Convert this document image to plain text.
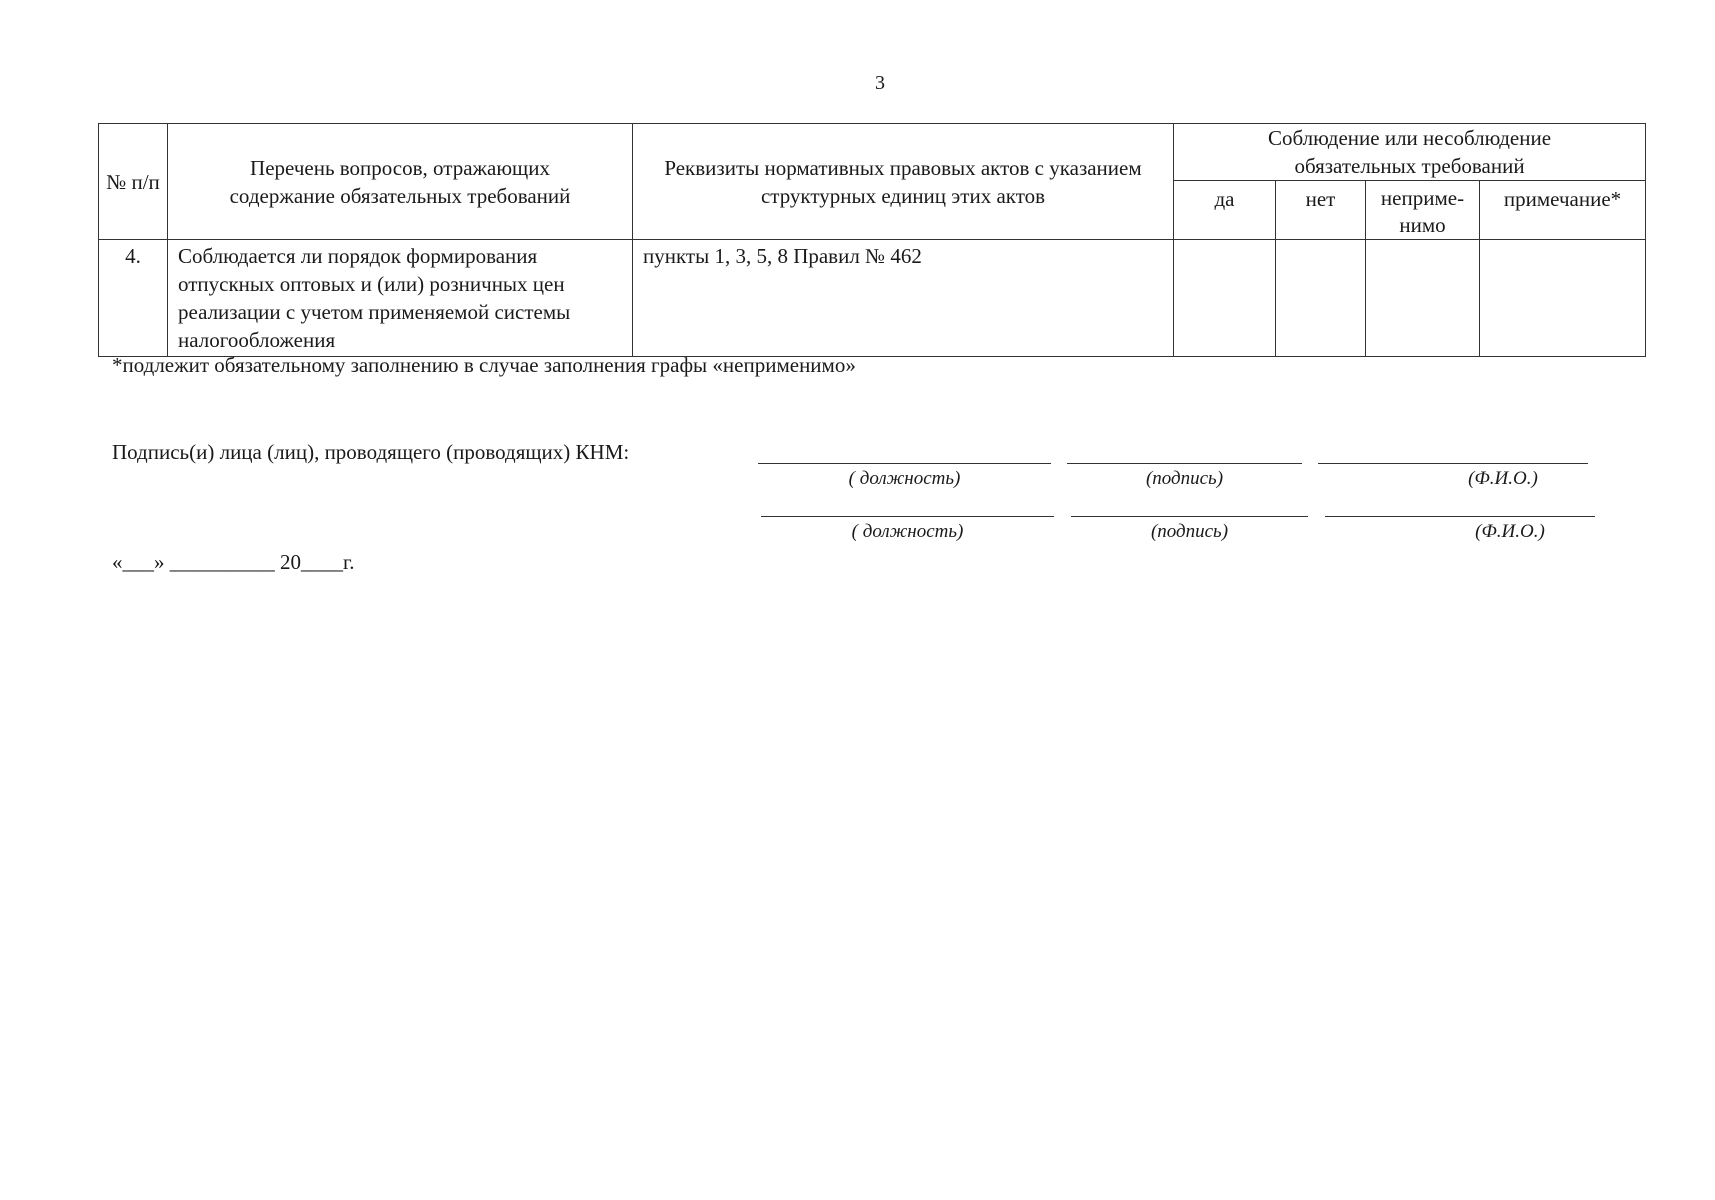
3
№ п/п	Перечень вопросов, отражающих содержание обязательных требований	Реквизиты нормативных правовых актов с указанием структурных единиц этих актов	Соблюдение или несоблюдение обязательных требований			
			да	нет	неприме-нимо	примечание*
4.	Соблюдается ли порядок формирования отпускных оптовых и (или) розничных цен реализации с учетом применяемой системы налогообложения	пункты 1, 3, 5, 8 Правил № 462				
*подлежит обязательному заполнению в случае заполнения графы «неприменимо»
Подпись(и) лица (лиц), проводящего (проводящих) КНМ:
( должность)	(подпись)	(Ф.И.О.)
( должность)	(подпись)	(Ф.И.О.)
«___» __________ 20____г.
